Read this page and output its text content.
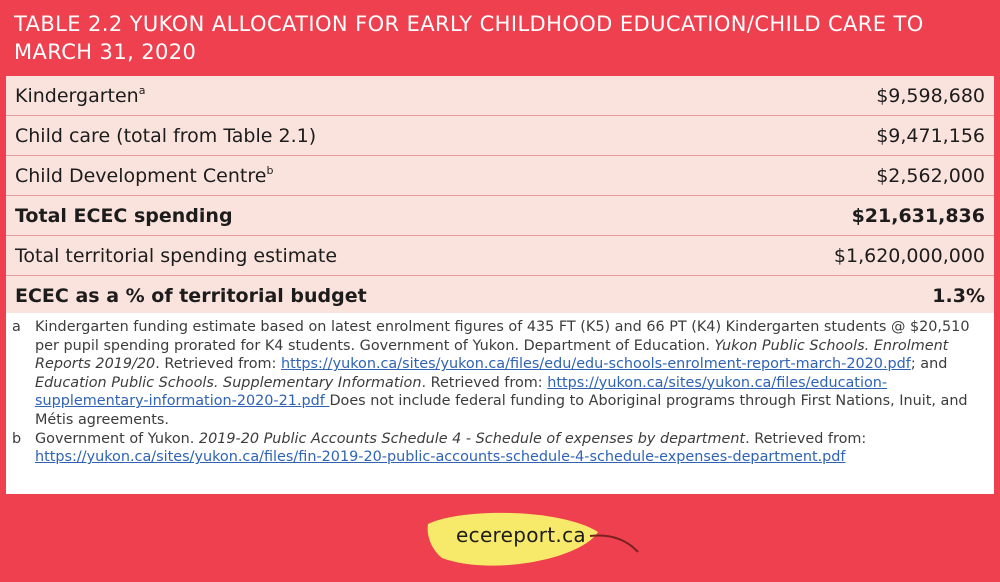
TABLE 2.2 YUKON ALLOCATION FOR EARLY CHILDHOOD EDUCATION/CHILD CARE TO MARCH 31, 2020
Kindergarten$^a$	$9,598,680
Child care (total from Table 2.1)	$9,471,156
Child Development Centre$^b$	$2,562,000
Total ECEC spending	$21,631,836
Total territorial spending estimate	$1,620,000,000
ECEC as a % of territorial budget	1.3%
a Kindergarten funding estimate based on latest enrolment figures of 435 FT (K5) and 66 PT (K4) Kindergarten students @ $20,510 per pupil spending prorated for K4 students. Government of Yukon. Department of Education. Yukon Public Schools. Enrolment Reports 2019/20. Retrieved from: https://yukon.ca/sites/yukon.ca/files/edu/edu-schools-enrolment-report-march-2020.pdf; and Education Public Schools. Supplementary Information. Retrieved from: https://yukon.ca/sites/yukon.ca/files/education-supplementary-information-2020-21.pdf Does not include federal funding to Aboriginal programs through First Nations, Inuit, and Métis agreements.
b Government of Yukon. 2019-20 Public Accounts Schedule 4 - Schedule of expenses by department. Retrieved from: https://yukon.ca/sites/yukon.ca/files/fin-2019-20-public-accounts-schedule-4-schedule-expenses-department.pdf
ecereport.ca
